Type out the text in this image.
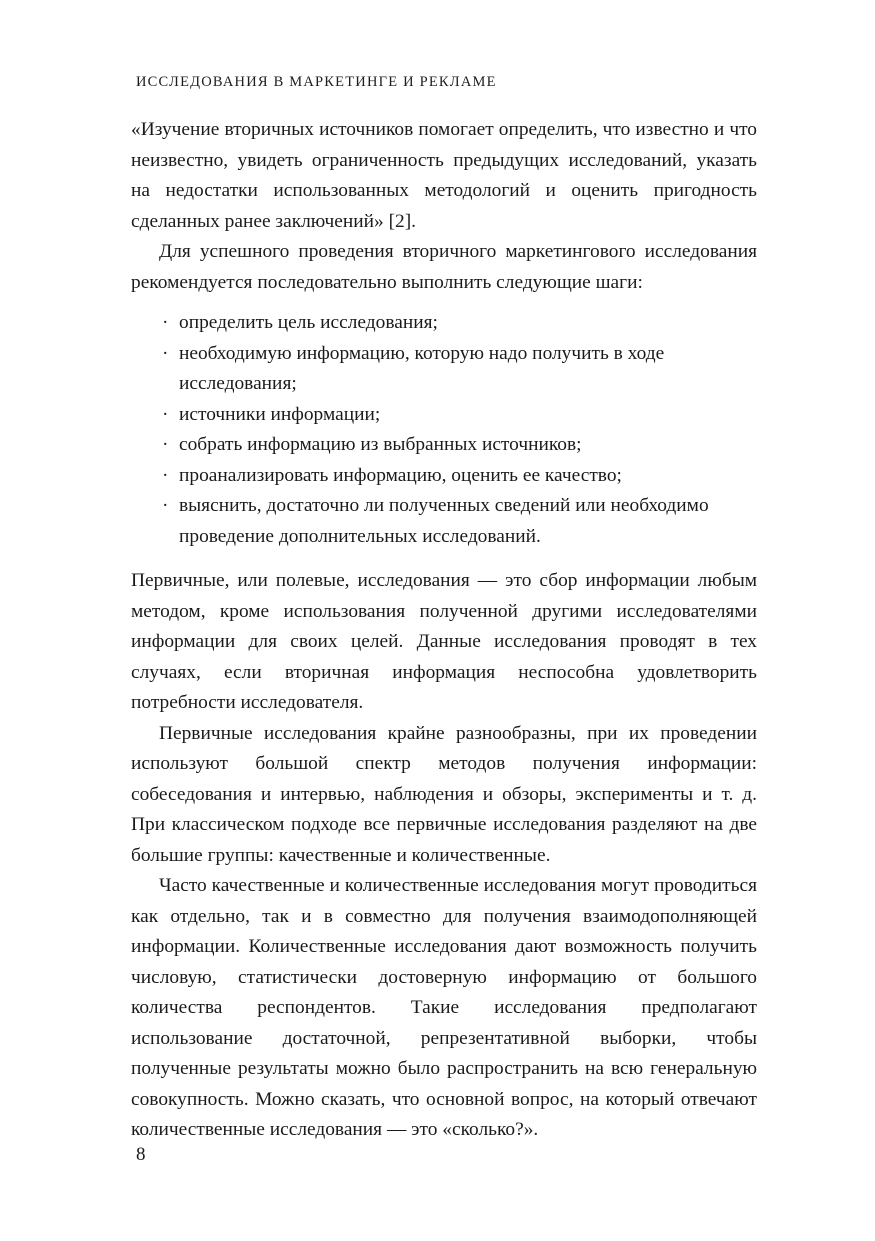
ИССЛЕДОВАНИЯ В МАРКЕТИНГЕ И РЕКЛАМЕ

«Изучение вторичных источников помогает определить, что известно и что неизвестно, увидеть ограниченность предыдущих исследований, указать на недостатки использованных методологий и оценить пригодность сделанных ранее заключений» [2].

Для успешного проведения вторичного маркетингового исследования рекомендуется последовательно выполнить следующие шаги:

· определить цель исследования;
· необходимую информацию, которую надо получить в ходе исследования;
· источники информации;
· собрать информацию из выбранных источников;
· проанализировать информацию, оценить ее качество;
· выяснить, достаточно ли полученных сведений или необходимо проведение дополнительных исследований.

Первичные, или полевые, исследования — это сбор информации любым методом, кроме использования полученной другими исследователями информации для своих целей. Данные исследования проводят в тех случаях, если вторичная информация неспособна удовлетворить потребности исследователя.

Первичные исследования крайне разнообразны, при их проведении используют большой спектр методов получения информации: собеседования и интервью, наблюдения и обзоры, эксперименты и т. д. При классическом подходе все первичные исследования разделяют на две большие группы: качественные и количественные.

Часто качественные и количественные исследования могут проводиться как отдельно, так и в совместно для получения взаимодополняющей информации. Количественные исследования дают возможность получить числовую, статистически достоверную информацию от большого количества респондентов. Такие исследования предполагают использование достаточной, репрезентативной выборки, чтобы полученные результаты можно было распространить на всю генеральную совокупность. Можно сказать, что основной вопрос, на который отвечают количественные исследования — это «сколько?».

8
